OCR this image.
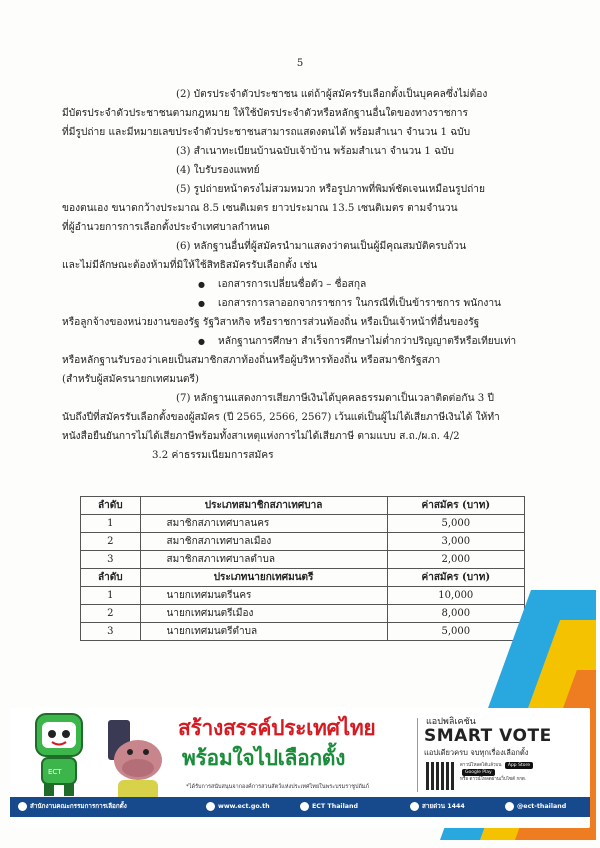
5

(2) บัตรประจำตัวประชาชน แต่ถ้าผู้สมัครรับเลือกตั้งเป็นบุคคลซึ่งไม่ต้อง

มีบัตรประจำตัวประชาชนตามกฎหมาย ให้ใช้บัตรประจำตัวหรือหลักฐานอื่นใดของทางราชการ

ที่มีรูปถ่าย และมีหมายเลขประจำตัวประชาชนสามารถแสดงตนได้ พร้อมสำเนา จำนวน 1 ฉบับ

(3) สำเนาทะเบียนบ้านฉบับเจ้าบ้าน พร้อมสำเนา จำนวน 1 ฉบับ

(4) ใบรับรองแพทย์

(5) รูปถ่ายหน้าตรงไม่สวมหมวก หรือรูปภาพที่พิมพ์ชัดเจนเหมือนรูปถ่าย

ของตนเอง ขนาดกว้างประมาณ 8.5 เซนติเมตร ยาวประมาณ 13.5 เซนติเมตร ตามจำนวน

ที่ผู้อำนวยการการเลือกตั้งประจำเทศบาลกำหนด

(6) หลักฐานอื่นที่ผู้สมัครนำมาแสดงว่าตนเป็นผู้มีคุณสมบัติครบถ้วน

และไม่มีลักษณะต้องห้ามที่มิให้ใช้สิทธิสมัครรับเลือกตั้ง เช่น

● เอกสารการเปลี่ยนชื่อตัว – ชื่อสกุล

● เอกสารการลาออกจากราชการ ในกรณีที่เป็นข้าราชการ พนักงาน

หรือลูกจ้างของหน่วยงานของรัฐ รัฐวิสาหกิจ หรือราชการส่วนท้องถิ่น หรือเป็นเจ้าหน้าที่อื่นของรัฐ

● หลักฐานการศึกษา สำเร็จการศึกษาไม่ต่ำกว่าปริญญาตรีหรือเทียบเท่า

หรือหลักฐานรับรองว่าเคยเป็นสมาชิกสภาท้องถิ่นหรือผู้บริหารท้องถิ่น หรือสมาชิกรัฐสภา

(สำหรับผู้สมัครนายกเทศมนตรี)

(7) หลักฐานแสดงการเสียภาษีเงินได้บุคคลธรรมดาเป็นเวลาติดต่อกัน 3 ปี

นับถึงปีที่สมัครรับเลือกตั้งของผู้สมัคร (ปี 2565, 2566, 2567) เว้นแต่เป็นผู้ไม่ได้เสียภาษีเงินได้ ให้ทำ

หนังสือยืนยันการไม่ได้เสียภาษีพร้อมทั้งสาเหตุแห่งการไม่ได้เสียภาษี ตามแบบ ส.ถ./ผ.ถ. 4/2

3.2 ค่าธรรมเนียมการสมัคร

ลำดับ	ประเภทสมาชิกสภาเทศบาล	ค่าสมัคร (บาท)
1	สมาชิกสภาเทศบาลนคร	5,000
2	สมาชิกสภาเทศบาลเมือง	3,000
3	สมาชิกสภาเทศบาลตำบล	2,000
ลำดับ	ประเภทนายกเทศมนตรี	ค่าสมัคร (บาท)
1	นายกเทศมนตรีนคร	10,000
2	นายกเทศมนตรีเมือง	8,000
3	นายกเทศมนตรีตำบล	5,000
ECT
สร้างสรรค์ประเทศไทย
พร้อมใจไปเลือกตั้ง
*ได้รับการสนับสนุนจากองค์การสวนสัตว์แห่งประเทศไทยในพระบรมราชูปถัมภ์
แอปพลิเคชัน
SMART VOTE
แอปเดียวครบ จบทุกเรื่องเลือกตั้ง
ดาวน์โหลดได้แล้วบน App Store Google Play
หรือ ดาวน์โหลดผ่านเว็บไซต์ กกต.
สำนักงานคณะกรรมการการเลือกตั้ง	www.ect.go.th	ECT Thailand	สายด่วน 1444	@ect-thailand
